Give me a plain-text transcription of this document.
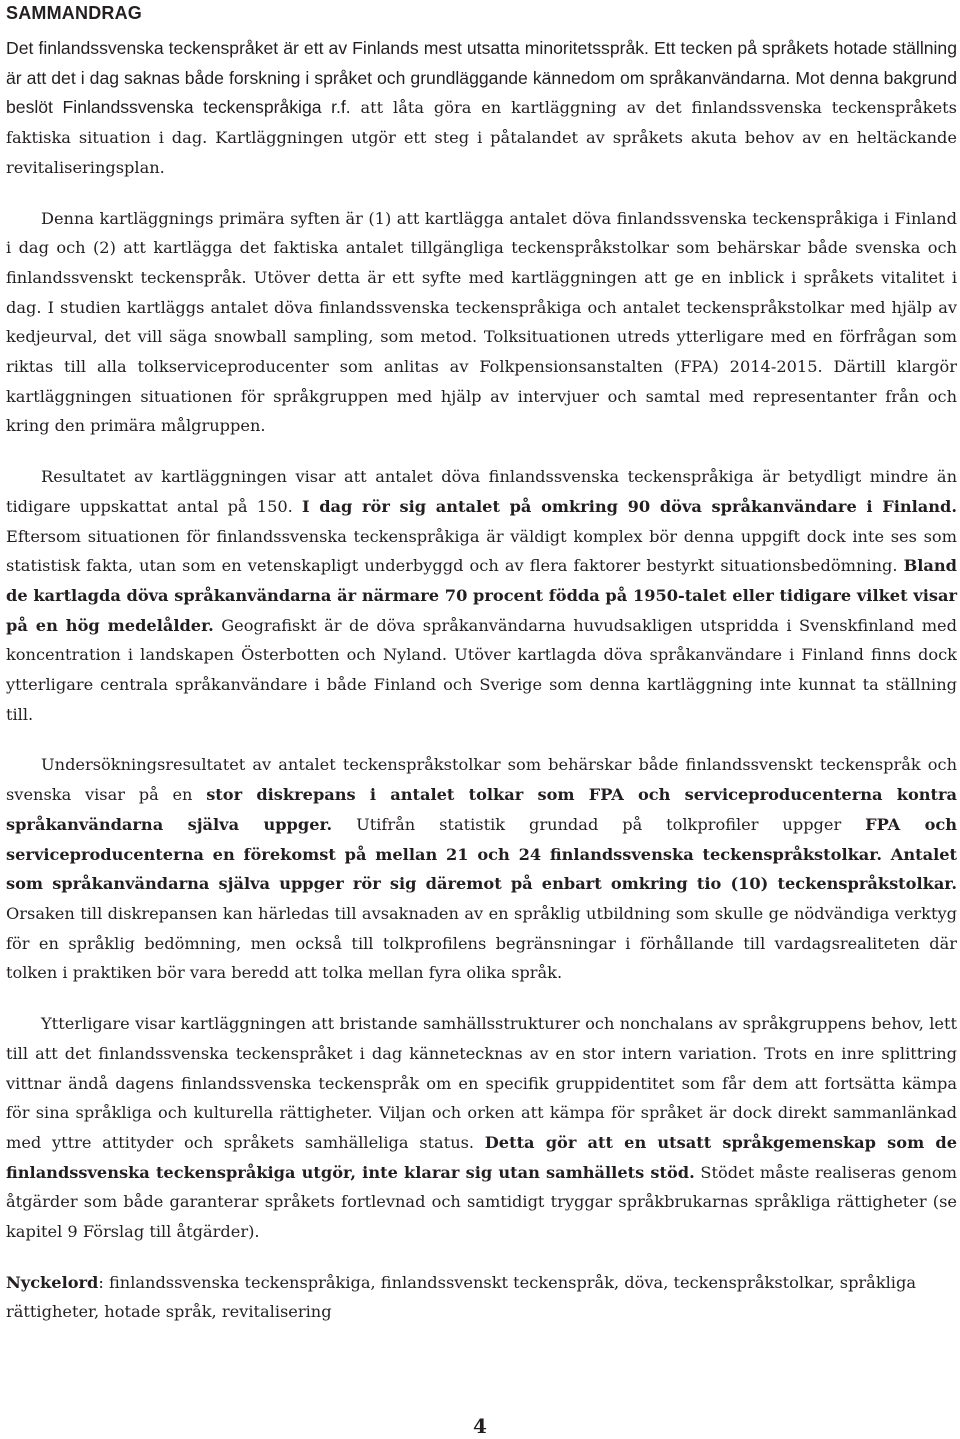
SAMMANDRAG

Det finlandssvenska teckenspråket är ett av Finlands mest utsatta minoritetsspråk. Ett tecken på språkets hotade ställning är att det i dag saknas både forskning i språket och grundläggande kännedom om språkanvändarna. Mot denna bakgrund beslöt Finlandssvenska teckenspråkiga r.f. att låta göra en kartläggning av det finlandssvenska teckenspråkets faktiska situation i dag. Kartläggningen utgör ett steg i påtalandet av språkets akuta behov av en heltäckande revitaliseringsplan.

Denna kartläggnings primära syften är (1) att kartlägga antalet döva finlandssvenska teckenspråkiga i Finland i dag och (2) att kartlägga det faktiska antalet tillgängliga teckenspråkstolkar som behärskar både svenska och finlandssvenskt teckenspråk. Utöver detta är ett syfte med kartläggningen att ge en inblick i språkets vitalitet i dag. I studien kartläggs antalet döva finlandssvenska teckenspråkiga och antalet teckenspråkstolkar med hjälp av kedjeurval, det vill säga snowball sampling, som metod. Tolksituationen utreds ytterligare med en förfrågan som riktas till alla tolkserviceproducenter som anlitas av Folkpensionsanstalten (FPA) 2014-2015. Därtill klargör kartläggningen situationen för språkgruppen med hjälp av intervjuer och samtal med representanter från och kring den primära målgruppen.

Resultatet av kartläggningen visar att antalet döva finlandssvenska teckenspråkiga är betydligt mindre än tidigare uppskattat antal på 150. I dag rör sig antalet på omkring 90 döva språkanvändare i Finland. Eftersom situationen för finlandssvenska teckenspråkiga är väldigt komplex bör denna uppgift dock inte ses som statistisk fakta, utan som en vetenskapligt underbyggd och av flera faktorer bestyrkt situationsbedömning. Bland de kartlagda döva språkanvändarna är närmare 70 procent födda på 1950-talet eller tidigare vilket visar på en hög medelålder. Geografiskt är de döva språkanvändarna huvudsakligen utspridda i Svenskfinland med koncentration i landskapen Österbotten och Nyland. Utöver kartlagda döva språkanvändare i Finland finns dock ytterligare centrala språkanvändare i både Finland och Sverige som denna kartläggning inte kunnat ta ställning till.

Undersökningsresultatet av antalet teckenspråkstolkar som behärskar både finlandssvenskt teckenspråk och svenska visar på en stor diskrepans i antalet tolkar som FPA och serviceproducenterna kontra språkanvändarna själva uppger. Utifrån statistik grundad på tolkprofiler uppger FPA och serviceproducenterna en förekomst på mellan 21 och 24 finlandssvenska teckenspråkstolkar. Antalet som språkanvändarna själva uppger rör sig däremot på enbart omkring tio (10) teckenspråkstolkar. Orsaken till diskrepansen kan härledas till avsaknaden av en språklig utbildning som skulle ge nödvändiga verktyg för en språklig bedömning, men också till tolkprofilens begränsningar i förhållande till vardagsrealiteten där tolken i praktiken bör vara beredd att tolka mellan fyra olika språk.

Ytterligare visar kartläggningen att bristande samhällsstrukturer och nonchalans av språkgruppens behov, lett till att det finlandssvenska teckenspråket i dag kännetecknas av en stor intern variation. Trots en inre splittring vittnar ändå dagens finlandssvenska teckenspråk om en specifik gruppidentitet som får dem att fortsätta kämpa för sina språkliga och kulturella rättigheter. Viljan och orken att kämpa för språket är dock direkt sammanlänkad med yttre attityder och språkets samhälleliga status. Detta gör att en utsatt språkgemenskap som de finlandssvenska teckenspråkiga utgör, inte klarar sig utan samhällets stöd. Stödet måste realiseras genom åtgärder som både garanterar språkets fortlevnad och samtidigt tryggar språkbrukarnas språkliga rättigheter (se kapitel 9 Förslag till åtgärder).

Nyckelord: finlandssvenska teckenspråkiga, finlandssvenskt teckenspråk, döva, teckenspråkstolkar, språkliga rättigheter, hotade språk, revitalisering

4
